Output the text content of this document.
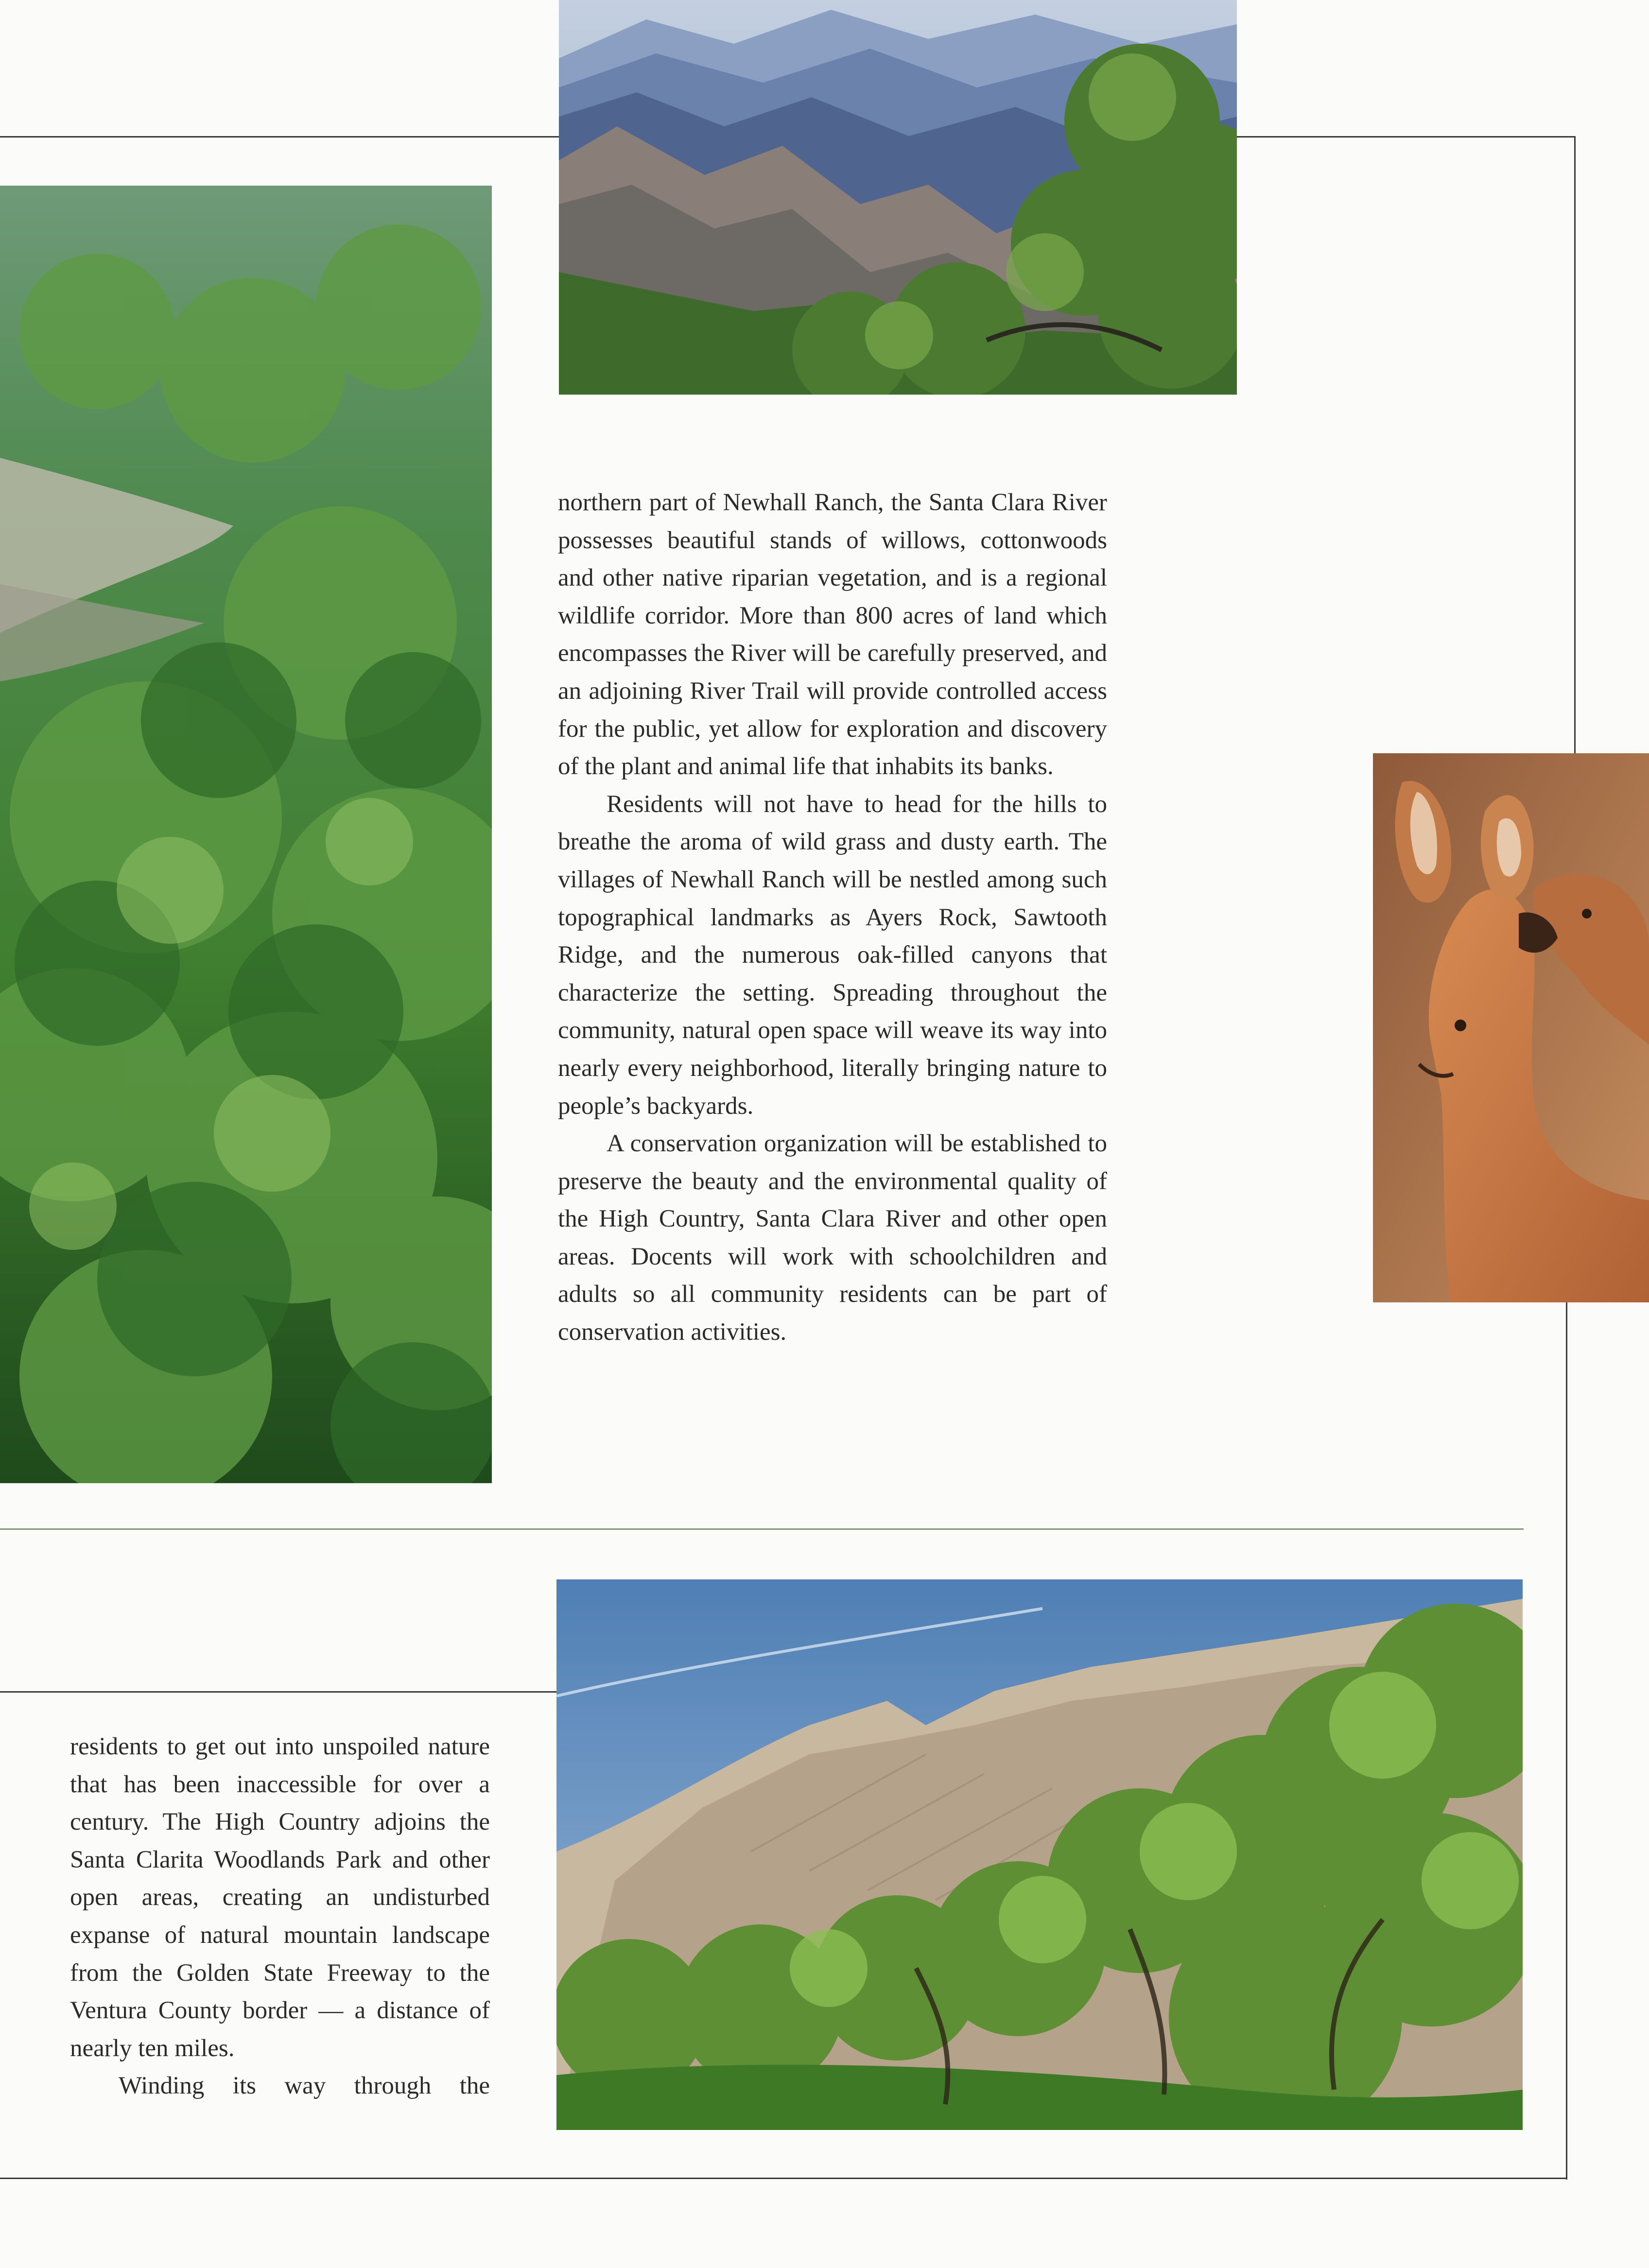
northern part of Newhall Ranch, the Santa Clara River possesses beautiful stands of willows, cottonwoods and other native riparian vegetation, and is a regional wildlife corridor. More than 800 acres of land which encompasses the River will be carefully preserved, and an adjoining River Trail will provide controlled access for the public, yet allow for exploration and discovery of the plant and animal life that inhabits its banks.

Residents will not have to head for the hills to breathe the aroma of wild grass and dusty earth. The villages of Newhall Ranch will be nestled among such topographical landmarks as Ayers Rock, Sawtooth Ridge, and the numerous oak-filled canyons that characterize the setting. Spreading throughout the community, natural open space will weave its way into nearly every neighborhood, literally bringing nature to people’s backyards.

A conservation organization will be established to preserve the beauty and the environmental quality of the High Country, Santa Clara River and other open areas. Docents will work with schoolchildren and adults so all community residents can be part of conservation activities.

residents to get out into unspoiled nature that has been inaccessible for over a century. The High Country adjoins the Santa Clarita Woodlands Park and other open areas, creating an undisturbed expanse of natural mountain landscape from the Golden State Freeway to the Ventura County border — a distance of nearly ten miles.

Winding its way through the
